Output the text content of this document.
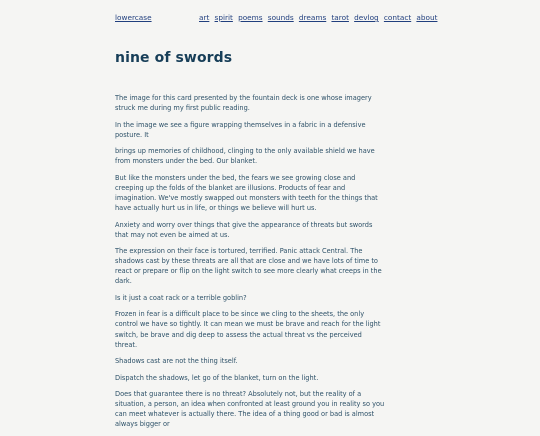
lowercase	art spirit poems sounds dreams tarot devlog contact about
nine of swords

The image for this card presented by the fountain deck is one whose imagery struck me during my first public reading.

In the image we see a figure wrapping themselves in a fabric in a defensive posture. It

brings up memories of childhood, clinging to the only available shield we have from monsters under the bed. Our blanket.

But like the monsters under the bed, the fears we see growing close and creeping up the folds of the blanket are illusions. Products of fear and imagination. We've mostly swapped out monsters with teeth for the things that have actually hurt us in life, or things we believe will hurt us.

Anxiety and worry over things that give the appearance of threats but swords that may not even be aimed at us.

The expression on their face is tortured, terrified. Panic attack Central. The shadows cast by these threats are all that are close and we have lots of time to react or prepare or flip on the light switch to see more clearly what creeps in the dark.

Is it just a coat rack or a terrible goblin?

Frozen in fear is a difficult place to be since we cling to the sheets, the only control we have so tightly. It can mean we must be brave and reach for the light switch, be brave and dig deep to assess the actual threat vs the perceived threat.

Shadows cast are not the thing itself.

Dispatch the shadows, let go of the blanket, turn on the light.

Does that guarantee there is no threat? Absolutely not, but the reality of a situation, a person, an idea when confronted at least ground you in reality so you can meet whatever is actually there. The idea of a thing good or bad is almost always bigger or
